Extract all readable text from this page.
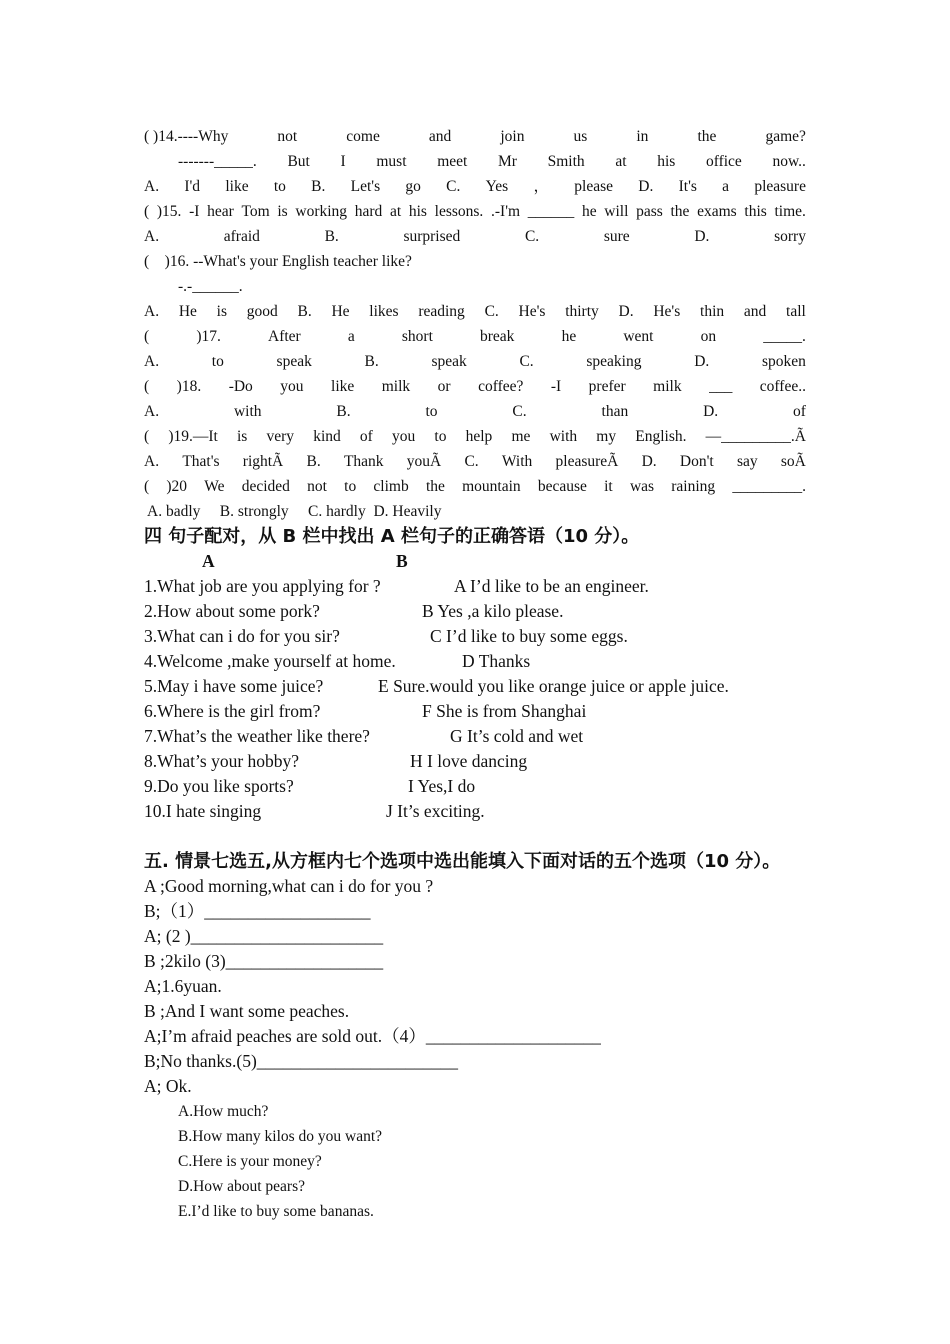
( )14.----Why	not	come	and	join	us	in	the	game?
-------_____. But I must meet Mr Smith at his office now..
A. I'd like to B. Let's go C. Yes ， please D. It's a pleasure
( )15. -I hear Tom is working hard at his lessons. .-I'm ______ he will pass the exams this time.
A.	afraid	B.	surprised	C.	sure	D.	sorry
(    )16. --What's your English teacher like?
-.-______.
A. He is good B. He likes reading C. He's thirty D. He's thin and tall
(	)17.	After	a	short	break	he	went	on	_____.
A.	to	speak	B.	speak	C.	speaking	D.	spoken
( )18. -Do you like milk or coffee? -I prefer milk ___ coffee..
A.	with	B.	to	C.	than	D.	of
( )19.—It is very kind of you to help me with my English. —_________.Ã
A. That's rightÃ B. Thank youÃ C. With pleasureÃ D. Don't say soÃ
( )20 We decided not to climb the mountain because it was raining _________.
A. badly     B. strongly     C. hardly  D. Heavily
四 句子配对，从 B 栏中找出 A 栏句子的正确答语（10 分）。
A	B
1.What job are you applying for ?	A I’d like to be an engineer.
2.How about some pork?	B Yes ,a kilo please.
3.What can i do for you sir?	C I’d like to buy some eggs.
4.Welcome ,make yourself at home.	D Thanks
5.May i have some juice?	E Sure.would you like orange juice or apple juice.
6.Where is the girl from?	F She is from Shanghai
7.What’s the weather like there?	G It’s cold and wet
8.What’s your hobby?	H I love dancing
9.Do you like sports?	I Yes,I do
10.I hate singing	J It’s exciting.
五. 情景七选五,从方框内七个选项中选出能填入下面对话的五个选项（10 分）。
A ;Good morning,what can i do for you ?
B;（1）___________________
A; (2 )______________________
B ;2kilo (3)__________________
A;1.6yuan.
B ;And I want some peaches.
A;I’m afraid peaches are sold out.（4）____________________
B;No thanks.(5)_______________________
A; Ok.
A.How much?
B.How many kilos do you want?
C.Here is your money?
D.How about pears?
E.I’d like to buy some bananas.
